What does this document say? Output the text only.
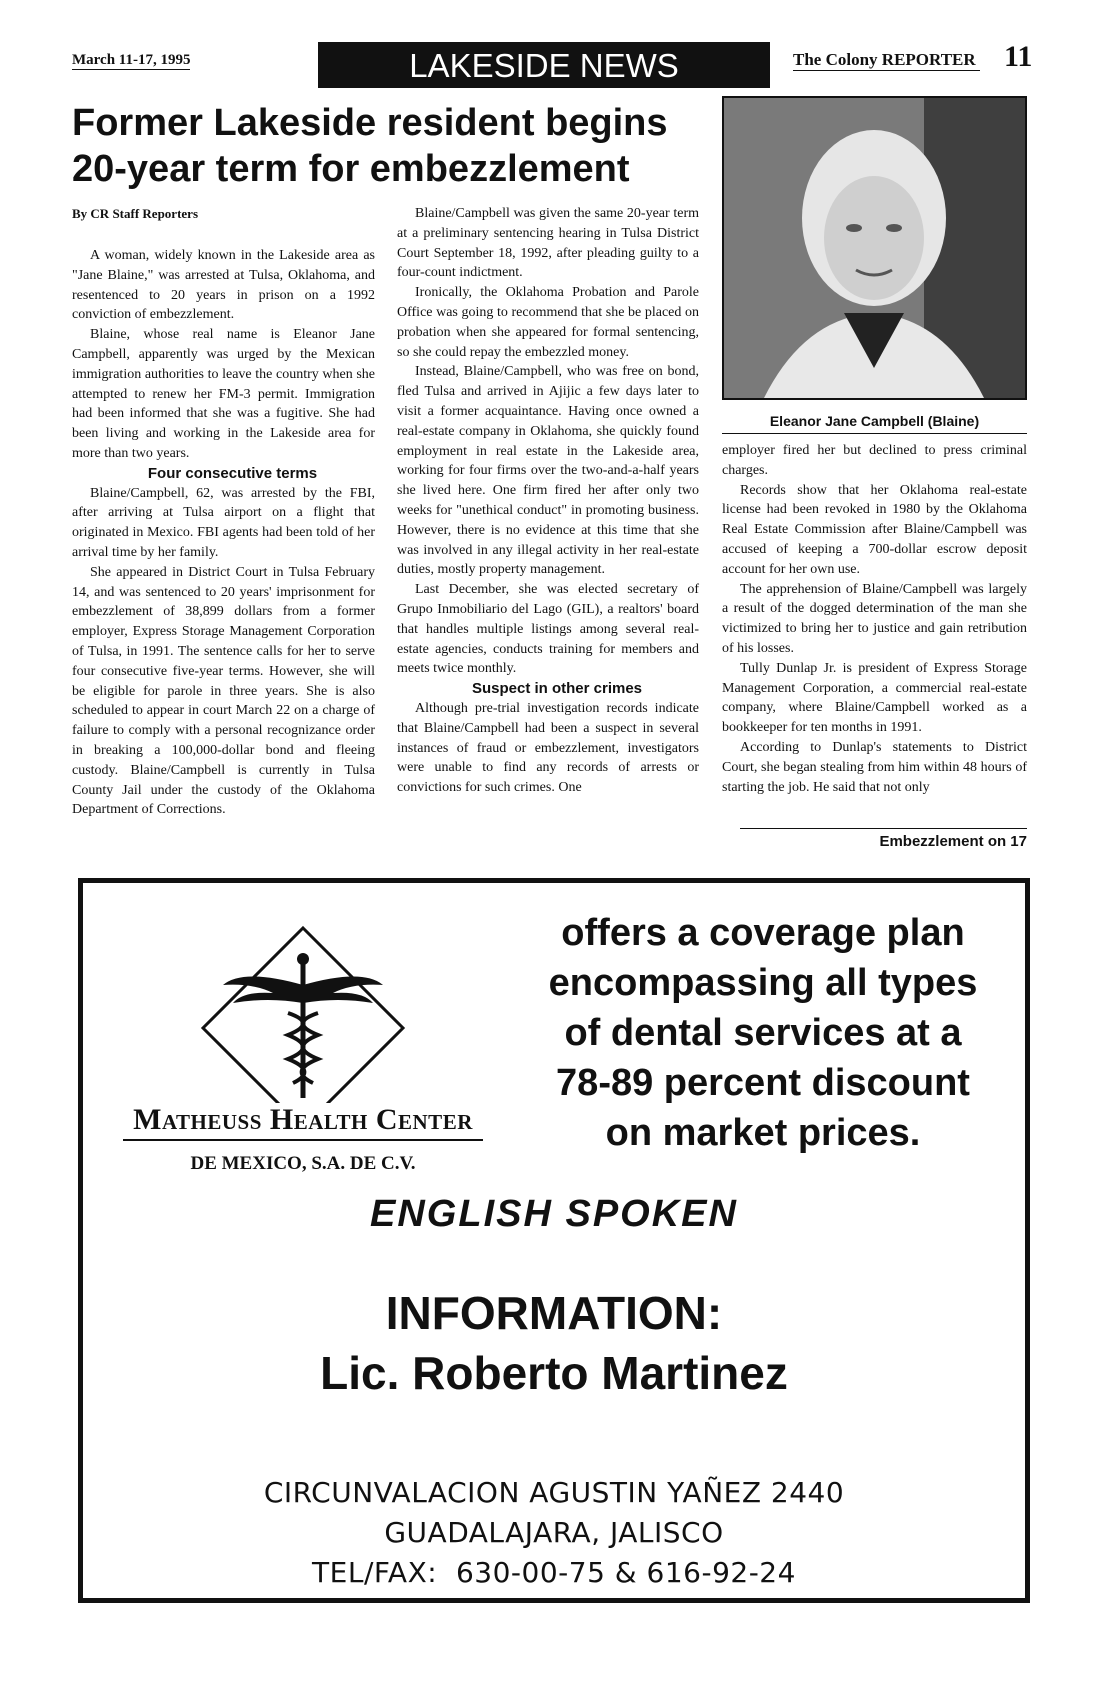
March 11-17, 1995	LAKESIDE NEWS	The Colony REPORTER 11
Former Lakeside resident begins 20-year term for embezzlement
By CR Staff Reporters

A woman, widely known in the Lakeside area as "Jane Blaine," was arrested at Tulsa, Oklahoma, and resentenced to 20 years in prison on a 1992 conviction of embezzlement.

Blaine, whose real name is Eleanor Jane Campbell, apparently was urged by the Mexican immigration authorities to leave the country when she attempted to renew her FM-3 permit. Immigration had been informed that she was a fugitive. She had been living and working in the Lakeside area for more than two years.

Four consecutive terms

Blaine/Campbell, 62, was arrested by the FBI, after arriving at Tulsa airport on a flight that originated in Mexico. FBI agents had been told of her arrival time by her family.

She appeared in District Court in Tulsa February 14, and was sentenced to 20 years' imprisonment for embezzlement of 38,899 dollars from a former employer, Express Storage Management Corporation of Tulsa, in 1991. The sentence calls for her to serve four consecutive five-year terms. However, she will be eligible for parole in three years. She is also scheduled to appear in court March 22 on a charge of failure to comply with a personal recognizance order in breaking a 100,000-dollar bond and fleeing custody. Blaine/Campbell is currently in Tulsa County Jail under the custody of the Oklahoma Department of Corrections.

Blaine/Campbell was given the same 20-year term at a preliminary sentencing hearing in Tulsa District Court September 18, 1992, after pleading guilty to a four-count indictment.

Ironically, the Oklahoma Probation and Parole Office was going to recommend that she be placed on probation when she appeared for formal sentencing, so she could repay the embezzled money.

Instead, Blaine/Campbell, who was free on bond, fled Tulsa and arrived in Ajijic a few days later to visit a former acquaintance. Having once owned a real-estate company in Oklahoma, she quickly found employment in real estate in the Lakeside area, working for four firms over the two-and-a-half years she lived here. One firm fired her after only two weeks for "unethical conduct" in promoting business. However, there is no evidence at this time that she was involved in any illegal activity in her real-estate duties, mostly property management.

Last December, she was elected secretary of Grupo Inmobiliario del Lago (GIL), a realtors' board that handles multiple listings among several real-estate agencies, conducts training for members and meets twice monthly.

Suspect in other crimes

Although pre-trial investigation records indicate that Blaine/Campbell had been a suspect in several instances of fraud or embezzlement, investigators were unable to find any records of arrests or convictions for such crimes. One

Eleanor Jane Campbell (Blaine)

employer fired her but declined to press criminal charges.

Records show that her Oklahoma real-estate license had been revoked in 1980 by the Oklahoma Real Estate Commission after Blaine/Campbell was accused of keeping a 700-dollar escrow deposit account for her own use.

The apprehension of Blaine/Campbell was largely a result of the dogged determination of the man she victimized to bring her to justice and gain retribution of his losses.

Tully Dunlap Jr. is president of Express Storage Management Corporation, a commercial real-estate company, where Blaine/Campbell worked as a bookkeeper for ten months in 1991.

According to Dunlap's statements to District Court, she began stealing from him within 48 hours of starting the job. He said that not only

Embezzlement on 17
offers a coverage plan
encompassing all types
of dental services at a
78-89 percent discount
on market prices.
Matheuss Health Center
DE MEXICO, S.A. DE C.V.
ENGLISH SPOKEN
INFORMATION:
Lic. Roberto Martinez
CIRCUNVALACION AGUSTIN YAÑEZ 2440
GUADALAJARA, JALISCO
TEL/FAX:  630-00-75 & 616-92-24
